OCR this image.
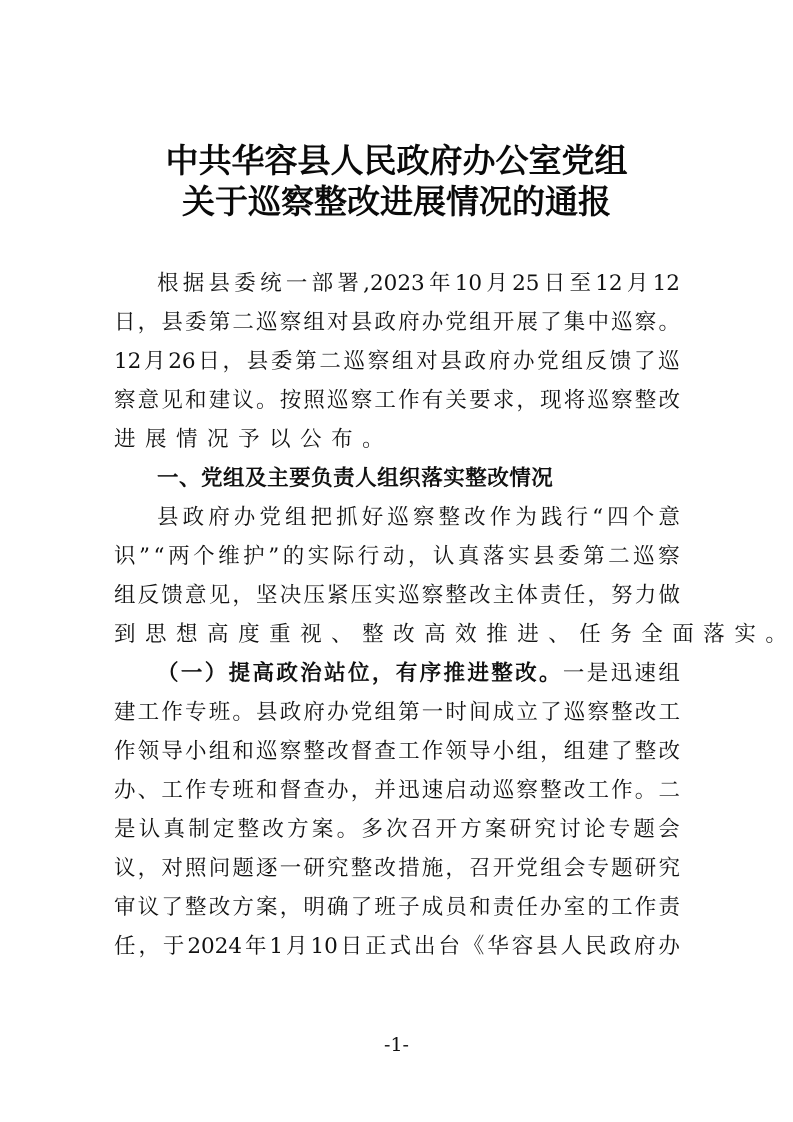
中共华容县人民政府办公室党组
关于巡察整改进展情况的通报
根 据 县 委 统 一 部 署 ,2023 年 10 月 25 日 至 12 月 12
日 ， 县 委 第 二 巡 察 组 对 县 政 府 办 党 组 开 展 了 集 中 巡 察 。
12 月 26 日 ， 县 委 第 二 巡 察 组 对 县 政 府 办 党 组 反 馈 了 巡
察 意 见 和 建 议 。 按 照 巡 察 工 作 有 关 要 求 ， 现 将 巡 察 整 改
进 展 情 况 予 以 公 布 。
一 、 党 组 及 主 要 负 责 人 组 织 落 实 整 改 情 况
县 政 府 办 党 组 把 抓 好 巡 察 整 改 作 为 践 行 “ 四 个 意
识 ” “ 两 个 维 护 ” 的 实 际 行 动 ， 认 真 落 实 县 委 第 二 巡 察
组 反 馈 意 见 ， 坚 决 压 紧 压 实 巡 察 整 改 主 体 责 任 ， 努 力 做
到 思 想 高 度 重 视 、 整 改 高 效 推 进 、 任 务 全 面 落 实 。
（ 一 ） 提 高 政 治 站 位 ， 有 序 推 进 整 改 。 一 是 迅 速 组
建 工 作 专 班 。 县 政 府 办 党 组 第 一 时 间 成 立 了 巡 察 整 改 工
作 领 导 小 组 和 巡 察 整 改 督 查 工 作 领 导 小 组 ， 组 建 了 整 改
办 、 工 作 专 班 和 督 查 办 ， 并 迅 速 启 动 巡 察 整 改 工 作 。 二
是 认 真 制 定 整 改 方 案 。 多 次 召 开 方 案 研 究 讨 论 专 题 会
议 ， 对 照 问 题 逐 一 研 究 整 改 措 施 ， 召 开 党 组 会 专 题 研 究
审 议 了 整 改 方 案 ， 明 确 了 班 子 成 员 和 责 任 办 室 的 工 作 责
任 ， 于 2024 年 1 月 10 日 正 式 出 台 《 华 容 县 人 民 政 府 办
-1-
